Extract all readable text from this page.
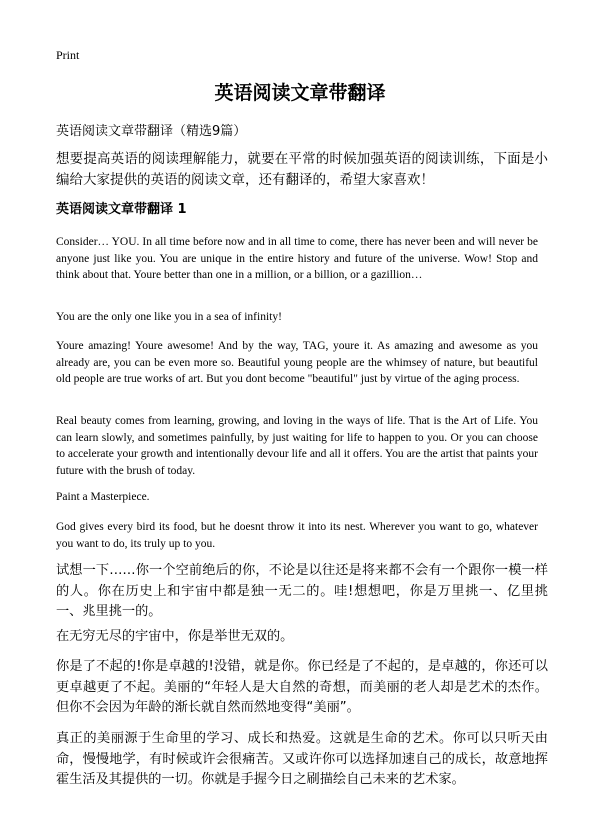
Print
英语阅读文章带翻译
英语阅读文章带翻译（精选9篇）
想要提高英语的阅读理解能力，就要在平常的时候加强英语的阅读训练，下面是小编给大家提供的英语的阅读文章，还有翻译的，希望大家喜欢！
英语阅读文章带翻译 1
Consider… YOU. In all time before now and in all time to come, there has never been and will never be anyone just like you. You are unique in the entire history and future of the universe. Wow! Stop and think about that. Youre better than one in a million, or a billion, or a gazillion…
You are the only one like you in a sea of infinity!
Youre amazing! Youre awesome! And by the way, TAG, youre it. As amazing and awesome as you already are, you can be even more so. Beautiful young people are the whimsey of nature, but beautiful old people are true works of art. But you dont become "beautiful" just by virtue of the aging process.
Real beauty comes from learning, growing, and loving in the ways of life. That is the Art of Life. You can learn slowly, and sometimes painfully, by just waiting for life to happen to you. Or you can choose to accelerate your growth and intentionally devour life and all it offers. You are the artist that paints your future with the brush of today.
Paint a Masterpiece.
God gives every bird its food, but he doesnt throw it into its nest. Wherever you want to go, whatever you want to do, its truly up to you.
试想一下……你一个空前绝后的你，不论是以往还是将来都不会有一个跟你一模一样的人。你在历史上和宇宙中都是独一无二的。哇!想想吧，你是万里挑一、亿里挑一、兆里挑一的。
在无穷无尽的宇宙中，你是举世无双的。
你是了不起的!你是卓越的!没错，就是你。你已经是了不起的，是卓越的，你还可以更卓越更了不起。美丽的“年轻人是大自然的奇想，而美丽的老人却是艺术的杰作。但你不会因为年龄的渐长就自然而然地变得“美丽”。
真正的美丽源于生命里的学习、成长和热爱。这就是生命的艺术。你可以只听天由命，慢慢地学，有时候或许会很痛苦。又或许你可以选择加速自己的成长，故意地挥霍生活及其提供的一切。你就是手握今日之刷描绘自己未来的艺术家。
